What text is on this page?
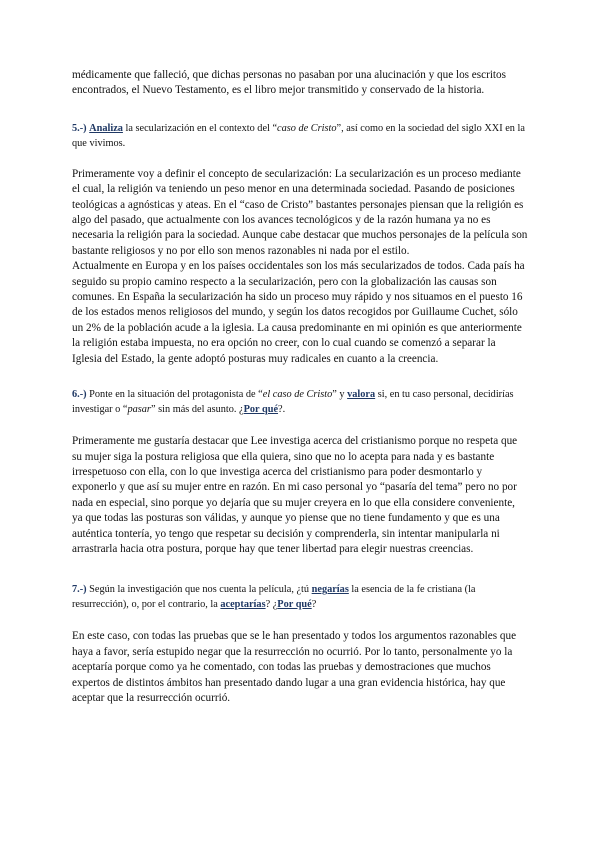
médicamente que falleció, que dichas personas no pasaban por una alucinación y que los escritos encontrados, el Nuevo Testamento, es el libro mejor transmitido y conservado de la historia.

5.-) Analiza la secularización en el contexto del “caso de Cristo”, así como en la sociedad del siglo XXI en la que vivimos.

Primeramente voy a definir el concepto de secularización: La secularización es un proceso mediante el cual, la religión va teniendo un peso menor en una determinada sociedad. Pasando de posiciones teológicas a agnósticas y ateas. En el “caso de Cristo” bastantes personajes piensan que la religión es algo del pasado, que actualmente con los avances tecnológicos y de la razón humana ya no es necesaria la religión para la sociedad. Aunque cabe destacar que muchos personajes de la película son bastante religiosos y no por ello son menos razonables ni nada por el estilo.

Actualmente en Europa y en los países occidentales son los más secularizados de todos. Cada país ha seguido su propio camino respecto a la secularización, pero con la globalización las causas son comunes. En España la secularización ha sido un proceso muy rápido y nos situamos en el puesto 16 de los estados menos religiosos del mundo, y según los datos recogidos por Guillaume Cuchet, sólo un 2% de la población acude a la iglesia. La causa predominante en mi opinión es que anteriormente la religión estaba impuesta, no era opción no creer, con lo cual cuando se comenzó a separar la Iglesia del Estado, la gente adoptó posturas muy radicales en cuanto a la creencia.

6.-) Ponte en la situación del protagonista de “el caso de Cristo” y valora si, en tu caso personal, decidirías investigar o “pasar” sin más del asunto. ¿Por qué?.

Primeramente me gustaría destacar que Lee investiga acerca del cristianismo porque no respeta que su mujer siga la postura religiosa que ella quiera, sino que no lo acepta para nada y es bastante irrespetuoso con ella, con lo que investiga acerca del cristianismo para poder desmontarlo y exponerlo y que así su mujer entre en razón. En mi caso personal yo “pasaría del tema” pero no por nada en especial, sino porque yo dejaría que su mujer creyera en lo que ella considere conveniente, ya que todas las posturas son válidas, y aunque yo piense que no tiene fundamento y que es una auténtica tontería, yo tengo que respetar su decisión y comprenderla, sin intentar manipularla ni arrastrarla hacia otra postura, porque hay que tener libertad para elegir nuestras creencias.

7.-) Según la investigación que nos cuenta la película, ¿tú negarías la esencia de la fe cristiana (la resurrección), o, por el contrario, la aceptarías? ¿Por qué?

En este caso, con todas las pruebas que se le han presentado y todos los argumentos razonables que haya a favor, sería estupido negar que la resurrección no ocurrió. Por lo tanto, personalmente yo la aceptaría porque como ya he comentado, con todas las pruebas y demostraciones que muchos expertos de distintos ámbitos han presentado dando lugar a una gran evidencia histórica, hay que aceptar que la resurrección ocurrió.
